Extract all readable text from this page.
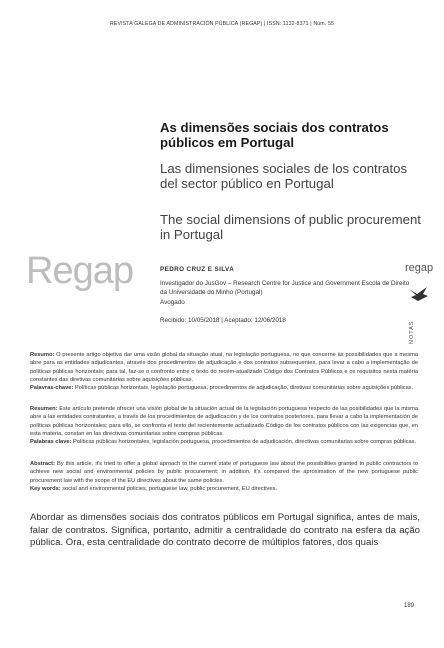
REVISTA GALEGA DE ADMINISTRACIÓN PÚBLICA (REGAP) | ISSN: 1132-8371 | Núm. 55
As dimensões sociais dos contratos públicos em Portugal
Las dimensiones sociales de los contratos del sector público en Portugal
The social dimensions of public procurement in Portugal
Regap	regap
NOTAS
PEDRO CRUZ E SILVA
Investigador do JusGov – Research Centre for Justice and Government Escola de Direito da Universidade do Minho (Portugal)
Avogado
Recibido: 10/05/2018 | Aceptado: 12/06/2018
Resumo: O presente artigo objetiva dar uma visão global da situação atual, na legislação portuguesa, no que concerne às possibilidades que a mesma abre para as entidades adjudicantes, através dos procedimentos de adjudicação e dos contratos subsequentes, para levar a cabo a implementação de políticas públicas horizontais; para tal, faz-se o confronto entre o texto do recém-atualizado Código dos Contratos Públicos e os requisitos nesta matéria constantes das diretivas comunitárias sobre aquisições públicas.
Palavras-chave: Políticas públicas horizontais, legislação portuguesa, procedimentos de adjudicação, diretivas comunitárias sobre aquisições públicas.
Resumen: Este artículo pretende ofrecer una visión global de la situación actual de la legislación portuguesa respecto de las posibilidades que la misma abre a las entidades contratantes, a través de los procedimientos de adjudicación y de los contratos posteriores, para llevar a cabo la implementación de políticas públicas horizontales; para ello, se confronta el texto del recientemente actualizado Código de los contratos públicos con las exigencias que, en esta materia, constan en las directivas comunitarias sobre compras públicas.
Palabras clave: Políticas públicas horizontales, legislación portuguesa, procedimientos de adjudicación, directivas comunitarias sobre compras públicas.
Abstract: By this article, it's tried to offer a global aproach to the current state of portuguese law about the possibilities granted to public contractors to achieve new social and environmental policies by public procurement; in addition, it's compared the aproximation of the new portuguese public procurement law with the scope of the EU directives about the same policies.
Key words: social and environmental policies, portuguese law, public procurement, EU directives.
Abordar as dimensões sociais dos contratos públicos em Portugal significa, antes de mais, falar de contratos. Significa, portanto, admitir a centralidade do contrato na esfera da ação pública. Ora, esta centralidade do contrato decorre de múltiplos fatores, dos quais
189
